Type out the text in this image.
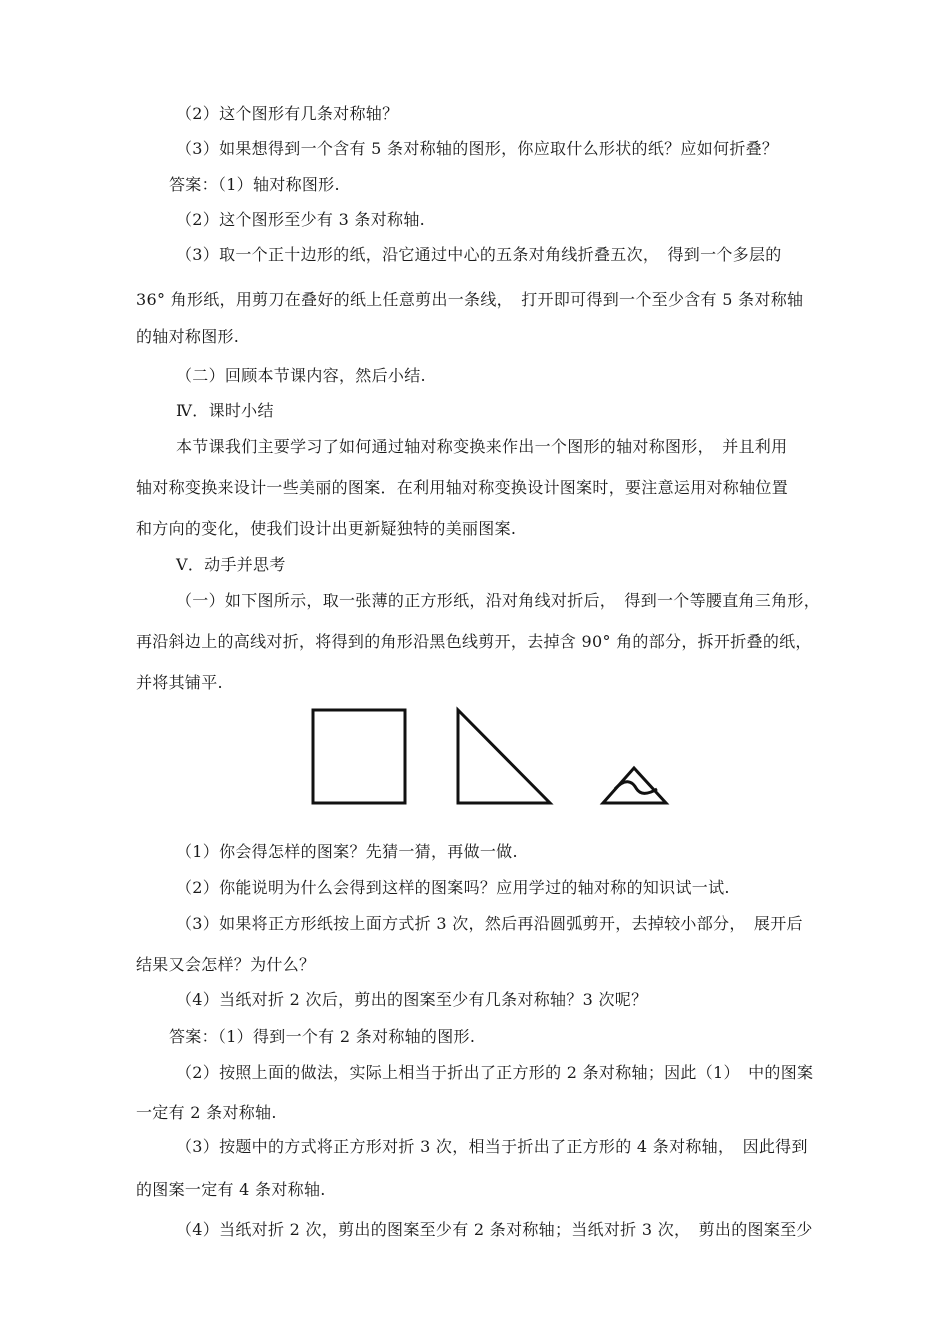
（2）这个图形有几条对称轴？
（3）如果想得到一个含有 5 条对称轴的图形，你应取什么形状的纸？应如何折叠？
答案：（1）轴对称图形.
（2）这个图形至少有 3 条对称轴.
（3）取一个正十边形的纸，沿它通过中心的五条对角线折叠五次，　得到一个多层的
36° 角形纸，用剪刀在叠好的纸上任意剪出一条线，　打开即可得到一个至少含有 5 条对称轴
的轴对称图形.
（二）回顾本节课内容，然后小结.
Ⅳ．课时小结
本节课我们主要学习了如何通过轴对称变换来作出一个图形的轴对称图形，　并且利用
轴对称变换来设计一些美丽的图案．在利用轴对称变换设计图案时，要注意运用对称轴位置
和方向的变化，使我们设计出更新疑独特的美丽图案.
Ⅴ．动手并思考
（一）如下图所示，取一张薄的正方形纸，沿对角线对折后，　得到一个等腰直角三角形，
再沿斜边上的高线对折，将得到的角形沿黑色线剪开，去掉含 90° 角的部分，拆开折叠的纸，
并将其铺平.
（1）你会得怎样的图案？先猜一猜，再做一做.
（2）你能说明为什么会得到这样的图案吗？应用学过的轴对称的知识试一试.
（3）如果将正方形纸按上面方式折 3 次，然后再沿圆弧剪开，去掉较小部分，　展开后
结果又会怎样？为什么？
（4）当纸对折 2 次后，剪出的图案至少有几条对称轴？3 次呢？
答案：（1）得到一个有 2 条对称轴的图形.
（2）按照上面的做法，实际上相当于折出了正方形的 2 条对称轴；因此（1）　中的图案
一定有 2 条对称轴.
（3）按题中的方式将正方形对折 3 次，相当于折出了正方形的 4 条对称轴，　因此得到
的图案一定有 4 条对称轴.
（4）当纸对折 2 次，剪出的图案至少有 2 条对称轴；当纸对折 3 次，　剪出的图案至少
